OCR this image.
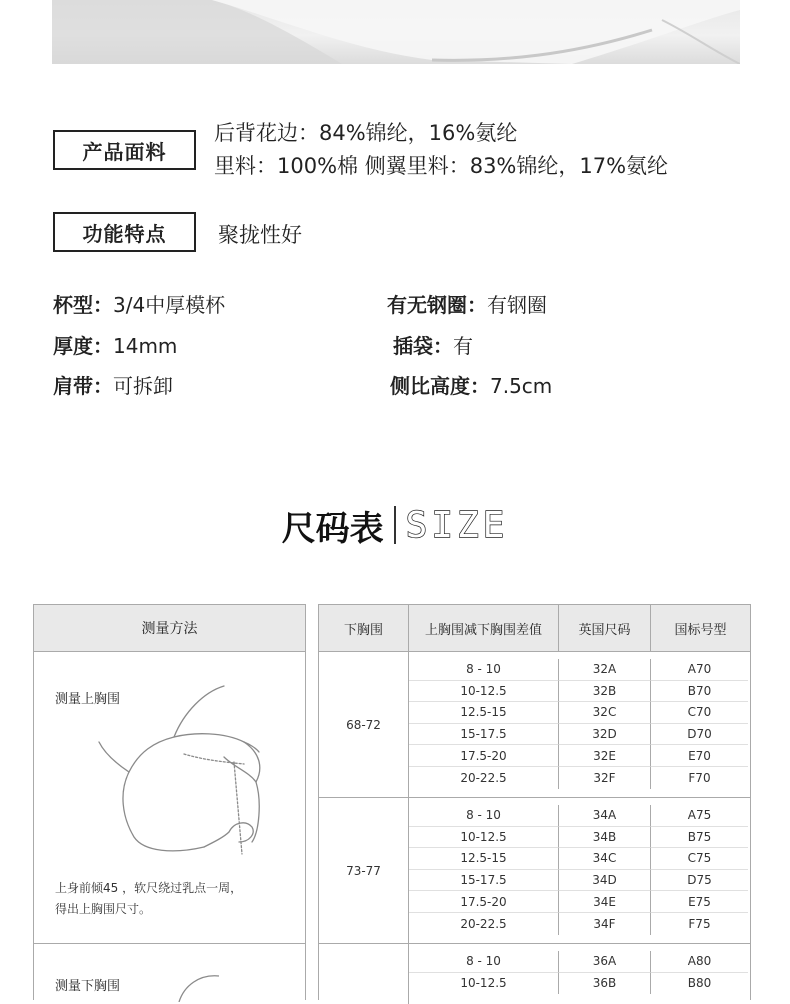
产品面料
后背花边：84%锦纶，16%氨纶
里料：100%棉 侧翼里料：83%锦纶，17%氨纶
功能特点	聚拢性好
杯型：3/4中厚模杯	有无钢圈：有钢圈
厚度：14mm	插袋：有
肩带：可拆卸	侧比高度：7.5cm
尺码表 SIZE
测量方法
测量上胸围
上身前倾45 ，软尺绕过乳点一周，
得出上胸围尺寸。
测量下胸围
下胸围	上胸围减下胸围差值	英国尺码	国标号型
68-72
8 - 10	32A	A70
10-12.5	32B	B70
12.5-15	32C	C70
15-17.5	32D	D70
17.5-20	32E	E70
20-22.5	32F	F70
73-77
8 - 10	34A	A75
10-12.5	34B	B75
12.5-15	34C	C75
15-17.5	34D	D75
17.5-20	34E	E75
20-22.5	34F	F75
8 - 10	36A	A80
10-12.5	36B	B80
